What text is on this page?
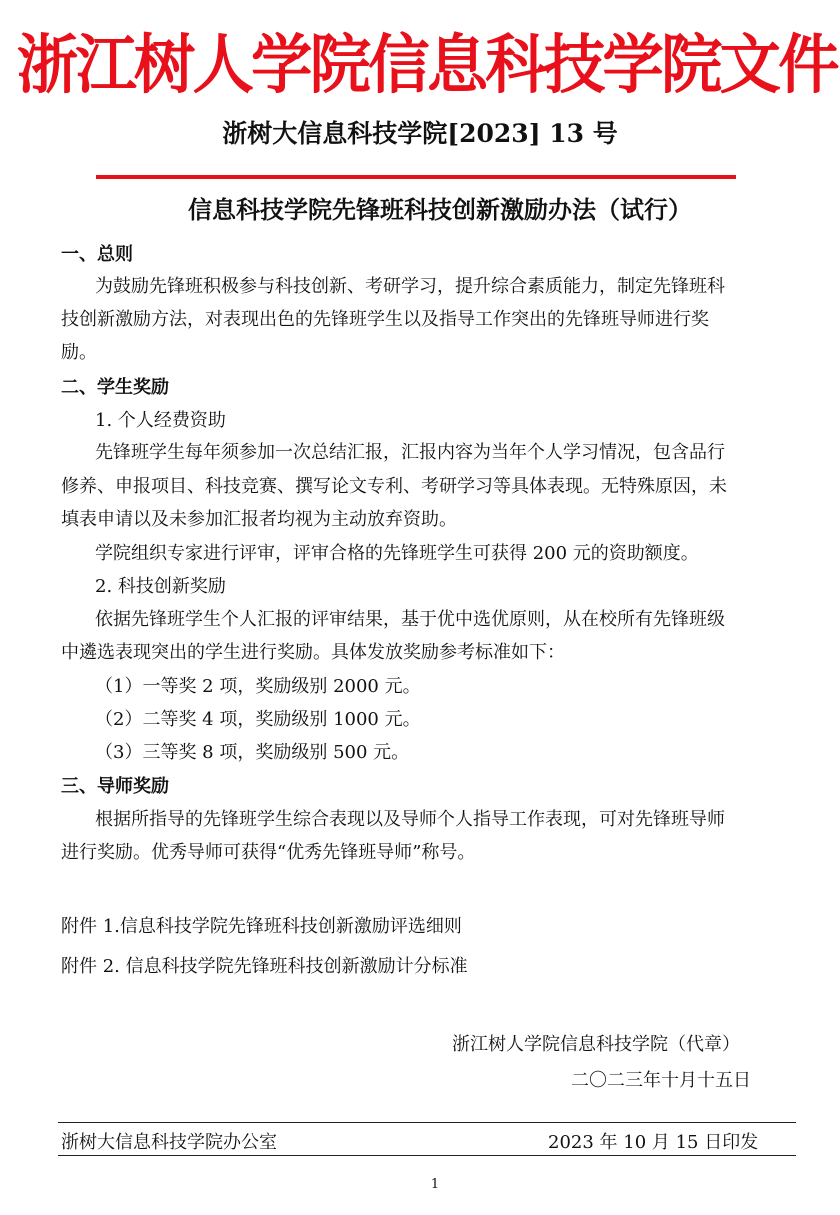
浙江树人学院信息科技学院文件
浙树大信息科技学院[2023] 13 号
信息科技学院先锋班科技创新激励办法（试行）
一、总则
为鼓励先锋班积极参与科技创新、考研学习，提升综合素质能力，制定先锋班科
技创新激励方法，对表现出色的先锋班学生以及指导工作突出的先锋班导师进行奖
励。
二、学生奖励
1. 个人经费资助
先锋班学生每年须参加一次总结汇报，汇报内容为当年个人学习情况，包含品行
修养、申报项目、科技竞赛、撰写论文专利、考研学习等具体表现。无特殊原因，未
填表申请以及未参加汇报者均视为主动放弃资助。
学院组织专家进行评审，评审合格的先锋班学生可获得 200 元的资助额度。
2. 科技创新奖励
依据先锋班学生个人汇报的评审结果，基于优中选优原则，从在校所有先锋班级
中遴选表现突出的学生进行奖励。具体发放奖励参考标准如下：
（1）一等奖 2 项，奖励级别 2000 元。
（2）二等奖 4 项，奖励级别 1000 元。
（3）三等奖 8 项，奖励级别 500 元。
三、导师奖励
根据所指导的先锋班学生综合表现以及导师个人指导工作表现，可对先锋班导师
进行奖励。优秀导师可获得“优秀先锋班导师”称号。
附件 1.信息科技学院先锋班科技创新激励评选细则
附件 2. 信息科技学院先锋班科技创新激励计分标准
浙江树人学院信息科技学院（代章）
二〇二三年十月十五日
浙树大信息科技学院办公室	2023 年 10 月 15 日印发
1
